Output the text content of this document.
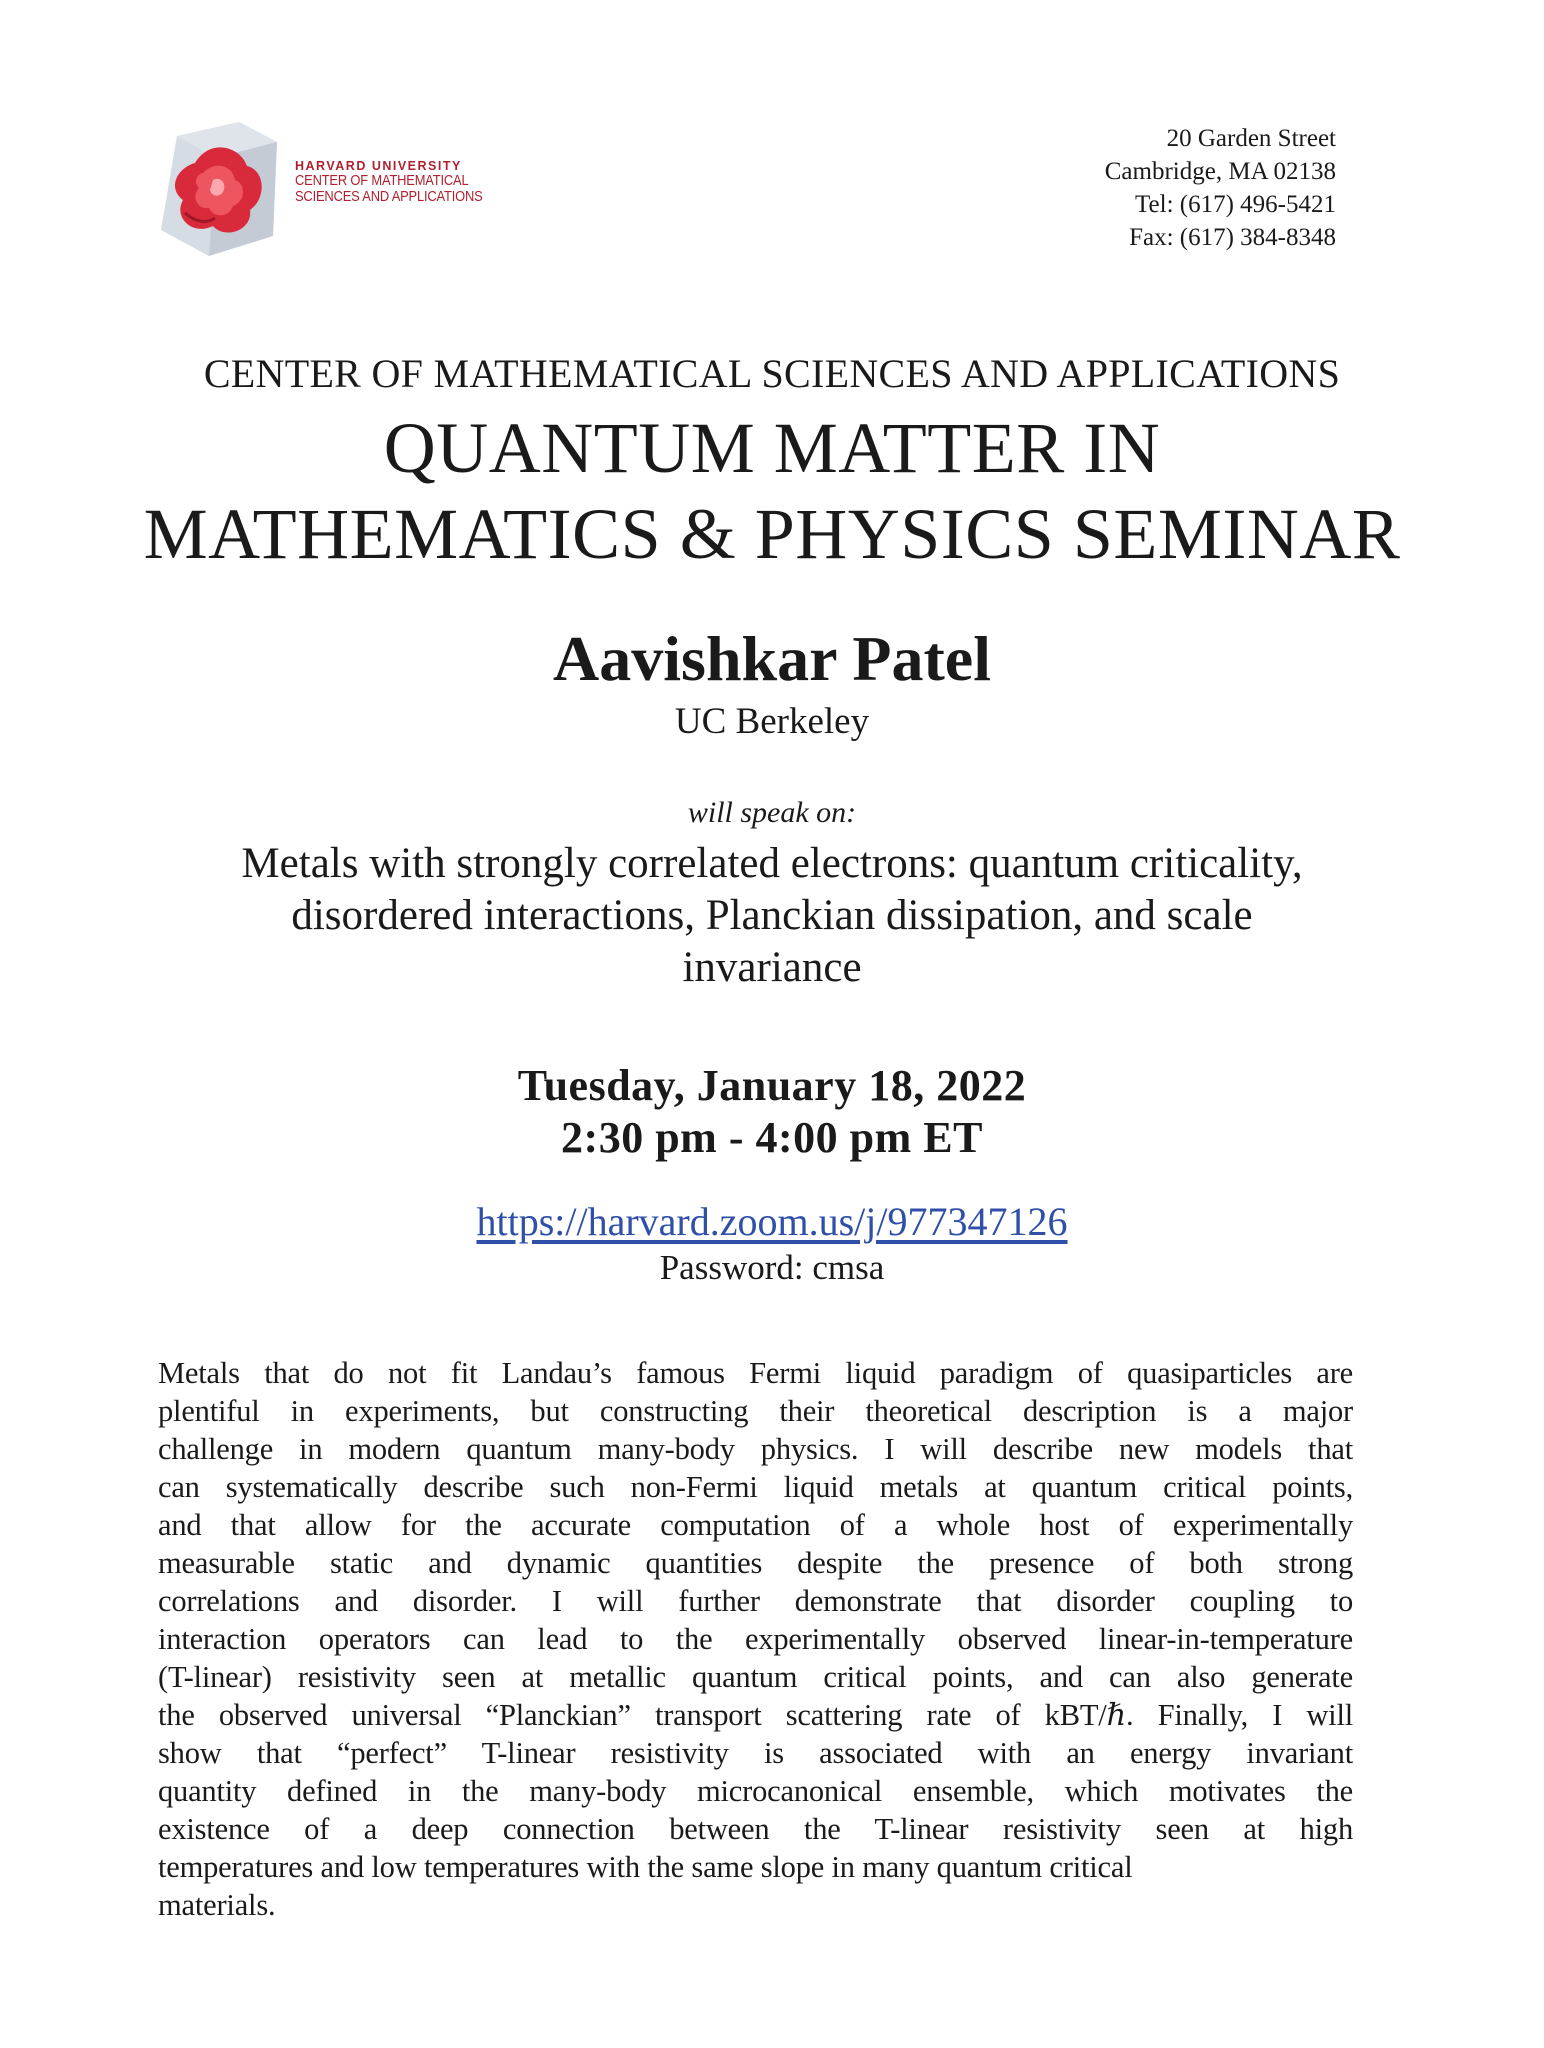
HARVARD UNIVERSITY
CENTER OF MATHEMATICAL
SCIENCES AND APPLICATIONS
20 Garden Street
Cambridge, MA 02138
Tel: (617) 496-5421
Fax: (617) 384-8348
CENTER OF MATHEMATICAL SCIENCES AND APPLICATIONS
QUANTUM MATTER IN
MATHEMATICS & PHYSICS SEMINAR
Aavishkar Patel
UC Berkeley
will speak on:
Metals with strongly correlated electrons: quantum criticality,
disordered interactions, Planckian dissipation, and scale
invariance
Tuesday, January 18, 2022
2:30 pm - 4:00 pm ET
https://harvard.zoom.us/j/977347126
Password: cmsa
Metals that do not fit Landau’s famous Fermi liquid paradigm of quasiparticles are
plentiful in experiments, but constructing their theoretical description is a major
challenge in modern quantum many-body physics. I will describe new models that
can systematically describe such non-Fermi liquid metals at quantum critical points,
and that allow for the accurate computation of a whole host of experimentally
measurable static and dynamic quantities despite the presence of both strong
correlations and disorder. I will further demonstrate that disorder coupling to
interaction operators can lead to the experimentally observed linear-in-temperature
(T-linear) resistivity seen at metallic quantum critical points, and can also generate
the observed universal “Planckian” transport scattering rate of kBT/ℏ. Finally, I will
show that “perfect” T-linear resistivity is associated with an energy invariant
quantity defined in the many-body microcanonical ensemble, which motivates the
existence of a deep connection between the T-linear resistivity seen at high
temperatures and low temperatures with the same slope in many quantum critical
materials.
